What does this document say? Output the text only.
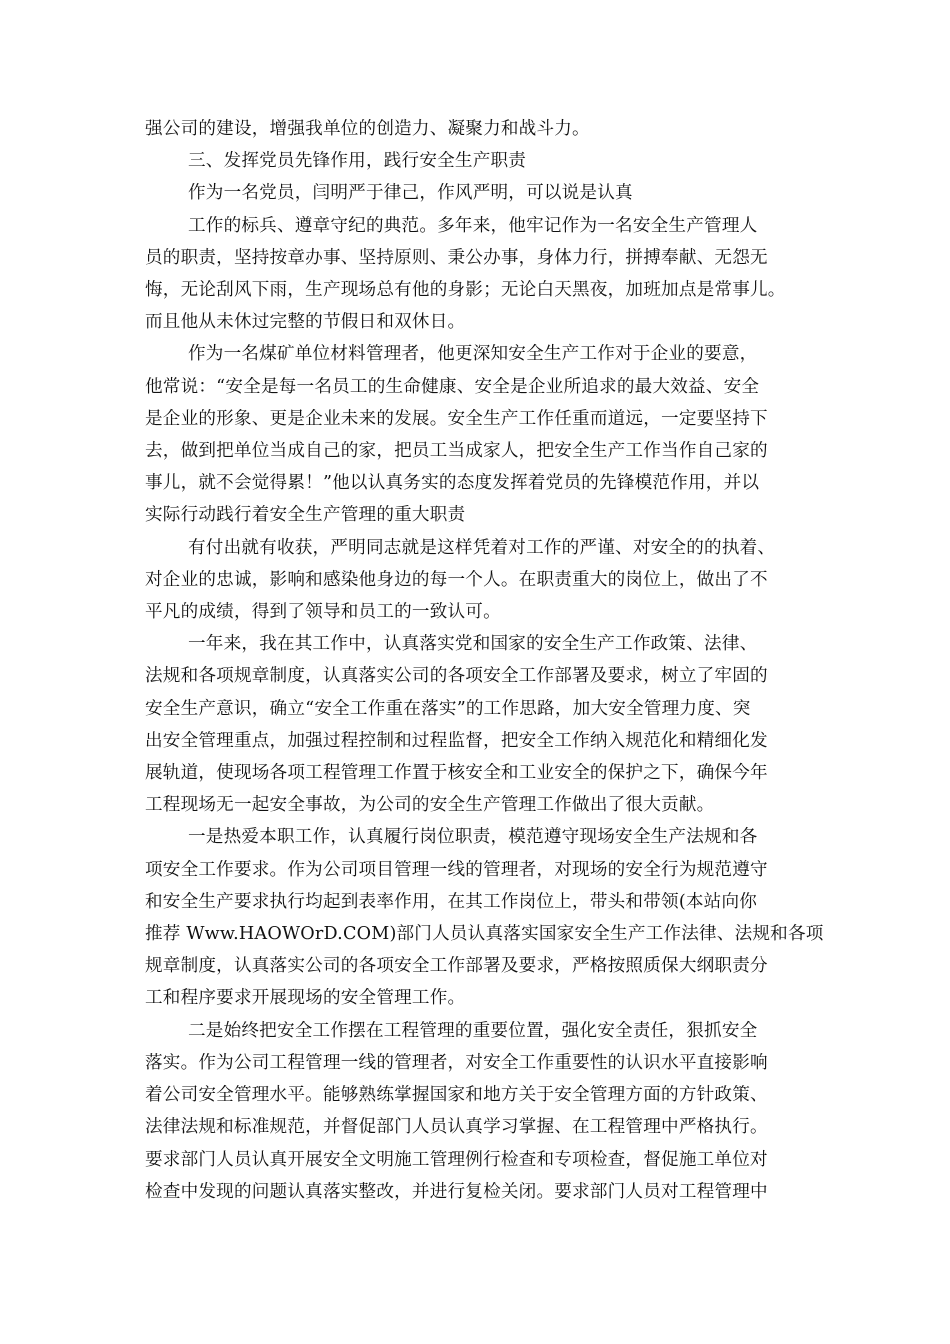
强公司的建设，增强我单位的创造力、凝聚力和战斗力。
三、发挥党员先锋作用，践行安全生产职责
作为一名党员，闫明严于律己，作风严明，可以说是认真
工作的标兵、遵章守纪的典范。多年来，他牢记作为一名安全生产管理人
员的职责，坚持按章办事、坚持原则、秉公办事，身体力行，拼搏奉献、无怨无
悔，无论刮风下雨，生产现场总有他的身影；无论白天黑夜，加班加点是常事儿。
而且他从未休过完整的节假日和双休日。
作为一名煤矿单位材料管理者，他更深知安全生产工作对于企业的要意，
他常说：“安全是每一名员工的生命健康、安全是企业所追求的最大效益、安全
是企业的形象、更是企业未来的发展。安全生产工作任重而道远，一定要坚持下
去，做到把单位当成自己的家，把员工当成家人，把安全生产工作当作自己家的
事儿，就不会觉得累！”他以认真务实的态度发挥着党员的先锋模范作用，并以
实际行动践行着安全生产管理的重大职责
有付出就有收获，严明同志就是这样凭着对工作的严谨、对安全的的执着、
对企业的忠诚，影响和感染他身边的每一个人。在职责重大的岗位上，做出了不
平凡的成绩，得到了领导和员工的一致认可。
一年来，我在其工作中，认真落实党和国家的安全生产工作政策、法律、
法规和各项规章制度，认真落实公司的各项安全工作部署及要求，树立了牢固的
安全生产意识，确立“安全工作重在落实”的工作思路，加大安全管理力度、突
出安全管理重点，加强过程控制和过程监督，把安全工作纳入规范化和精细化发
展轨道，使现场各项工程管理工作置于核安全和工业安全的保护之下，确保今年
工程现场无一起安全事故，为公司的安全生产管理工作做出了很大贡献。
一是热爱本职工作，认真履行岗位职责，模范遵守现场安全生产法规和各
项安全工作要求。作为公司项目管理一线的管理者，对现场的安全行为规范遵守
和安全生产要求执行均起到表率作用，在其工作岗位上，带头和带领(本站向你
推荐 Www.HAOWOrD.COM)部门人员认真落实国家安全生产工作法律、法规和各项
规章制度，认真落实公司的各项安全工作部署及要求，严格按照质保大纲职责分
工和程序要求开展现场的安全管理工作。
二是始终把安全工作摆在工程管理的重要位置，强化安全责任，狠抓安全
落实。作为公司工程管理一线的管理者，对安全工作重要性的认识水平直接影响
着公司安全管理水平。能够熟练掌握国家和地方关于安全管理方面的方针政策、
法律法规和标准规范，并督促部门人员认真学习掌握、在工程管理中严格执行。
要求部门人员认真开展安全文明施工管理例行检查和专项检查，督促施工单位对
检查中发现的问题认真落实整改，并进行复检关闭。要求部门人员对工程管理中
